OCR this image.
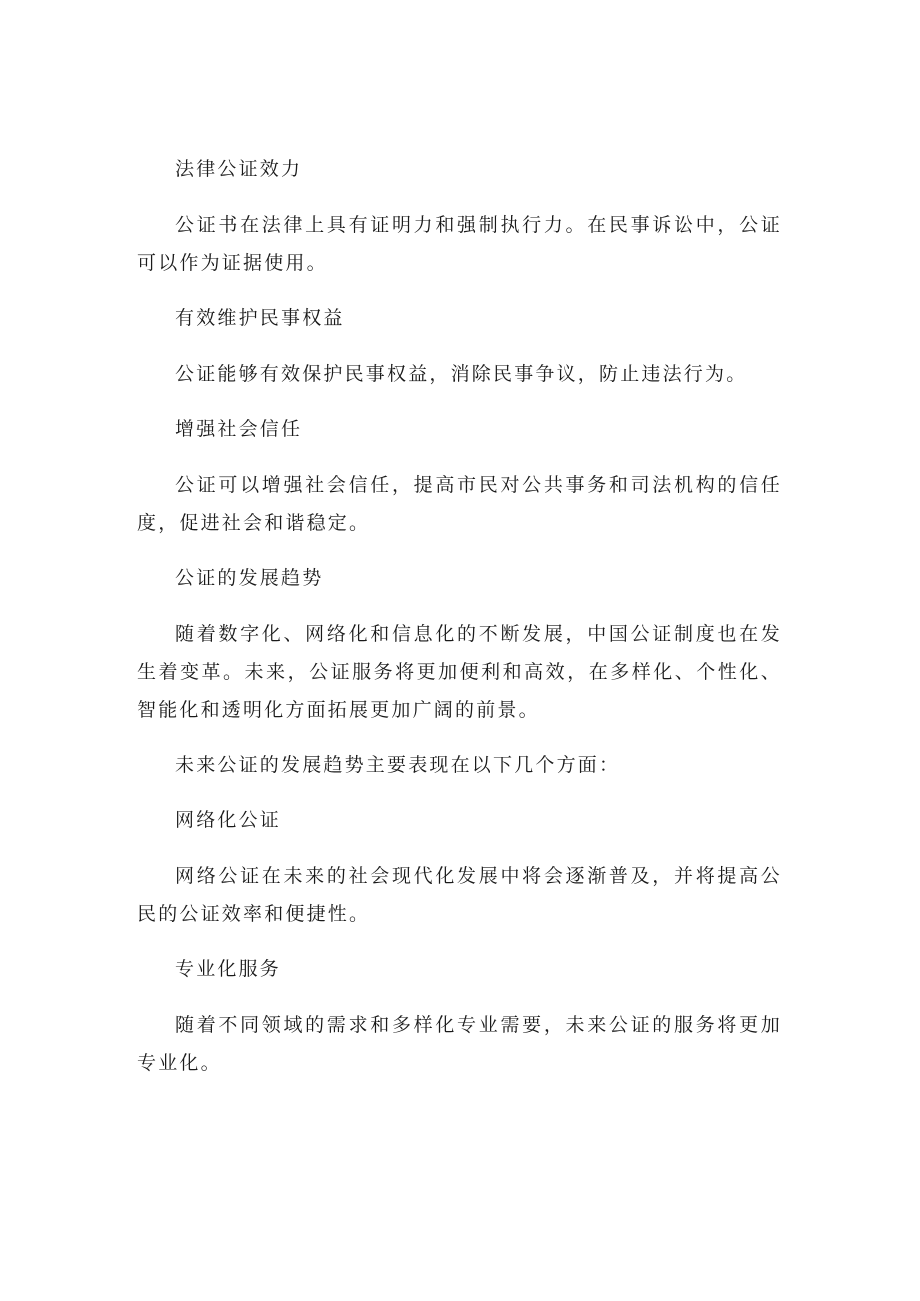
法律公证效力

公证书在法律上具有证明力和强制执行力。在民事诉讼中，公证可以作为证据使用。

有效维护民事权益

公证能够有效保护民事权益，消除民事争议，防止违法行为。

增强社会信任

公证可以增强社会信任，提高市民对公共事务和司法机构的信任度，促进社会和谐稳定。

公证的发展趋势

随着数字化、网络化和信息化的不断发展，中国公证制度也在发生着变革。未来，公证服务将更加便利和高效，在多样化、个性化、智能化和透明化方面拓展更加广阔的前景。

未来公证的发展趋势主要表现在以下几个方面：

网络化公证

网络公证在未来的社会现代化发展中将会逐渐普及，并将提高公民的公证效率和便捷性。

专业化服务

随着不同领域的需求和多样化专业需要，未来公证的服务将更加专业化。
